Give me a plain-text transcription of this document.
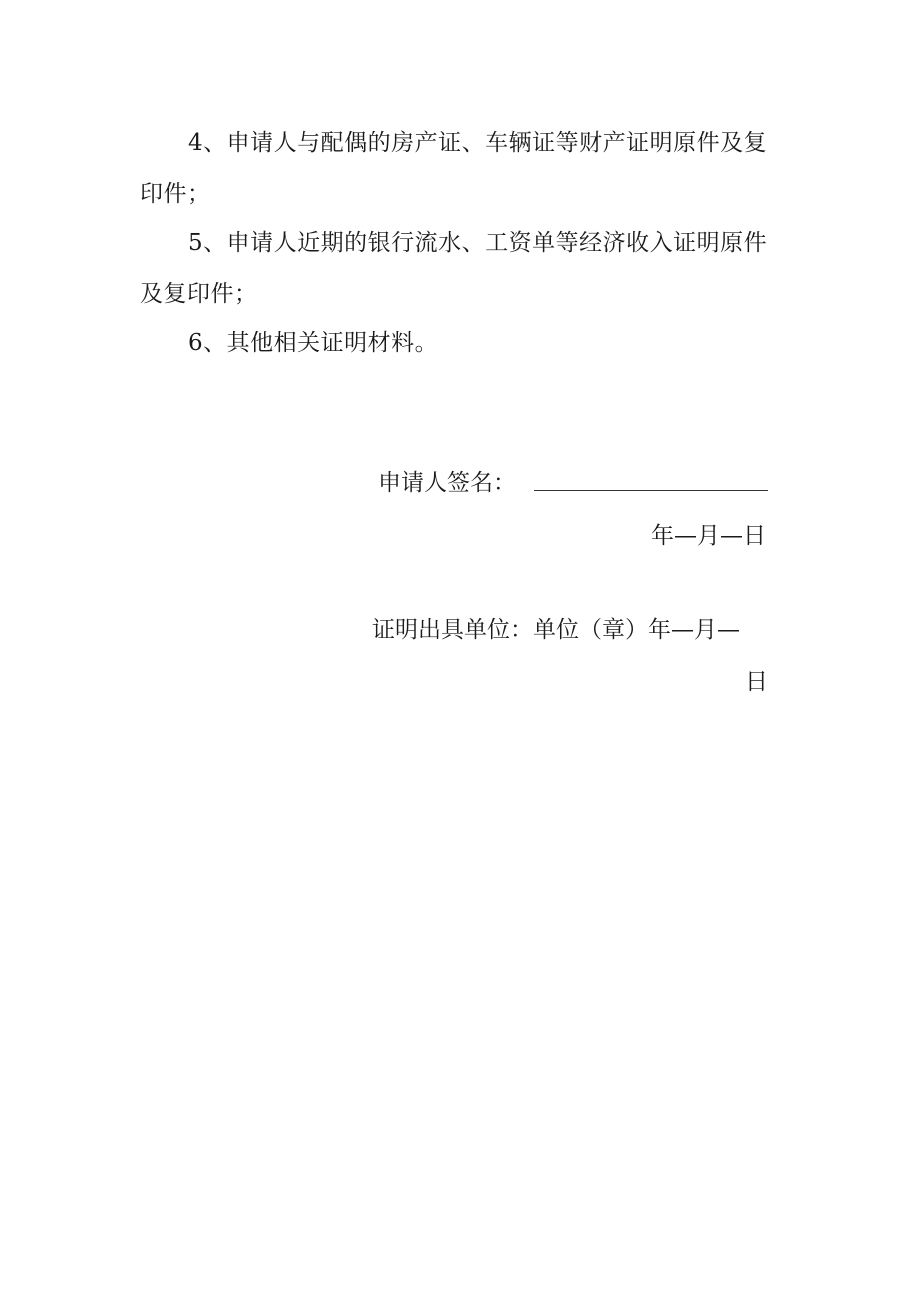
4、申请人与配偶的房产证、车辆证等财产证明原件及复印件；

5、申请人近期的银行流水、工资单等经济收入证明原件及复印件；

6、其他相关证明材料。

申请人签名：
年—月—日
证明出具单位：单位（章）年—月—
日
